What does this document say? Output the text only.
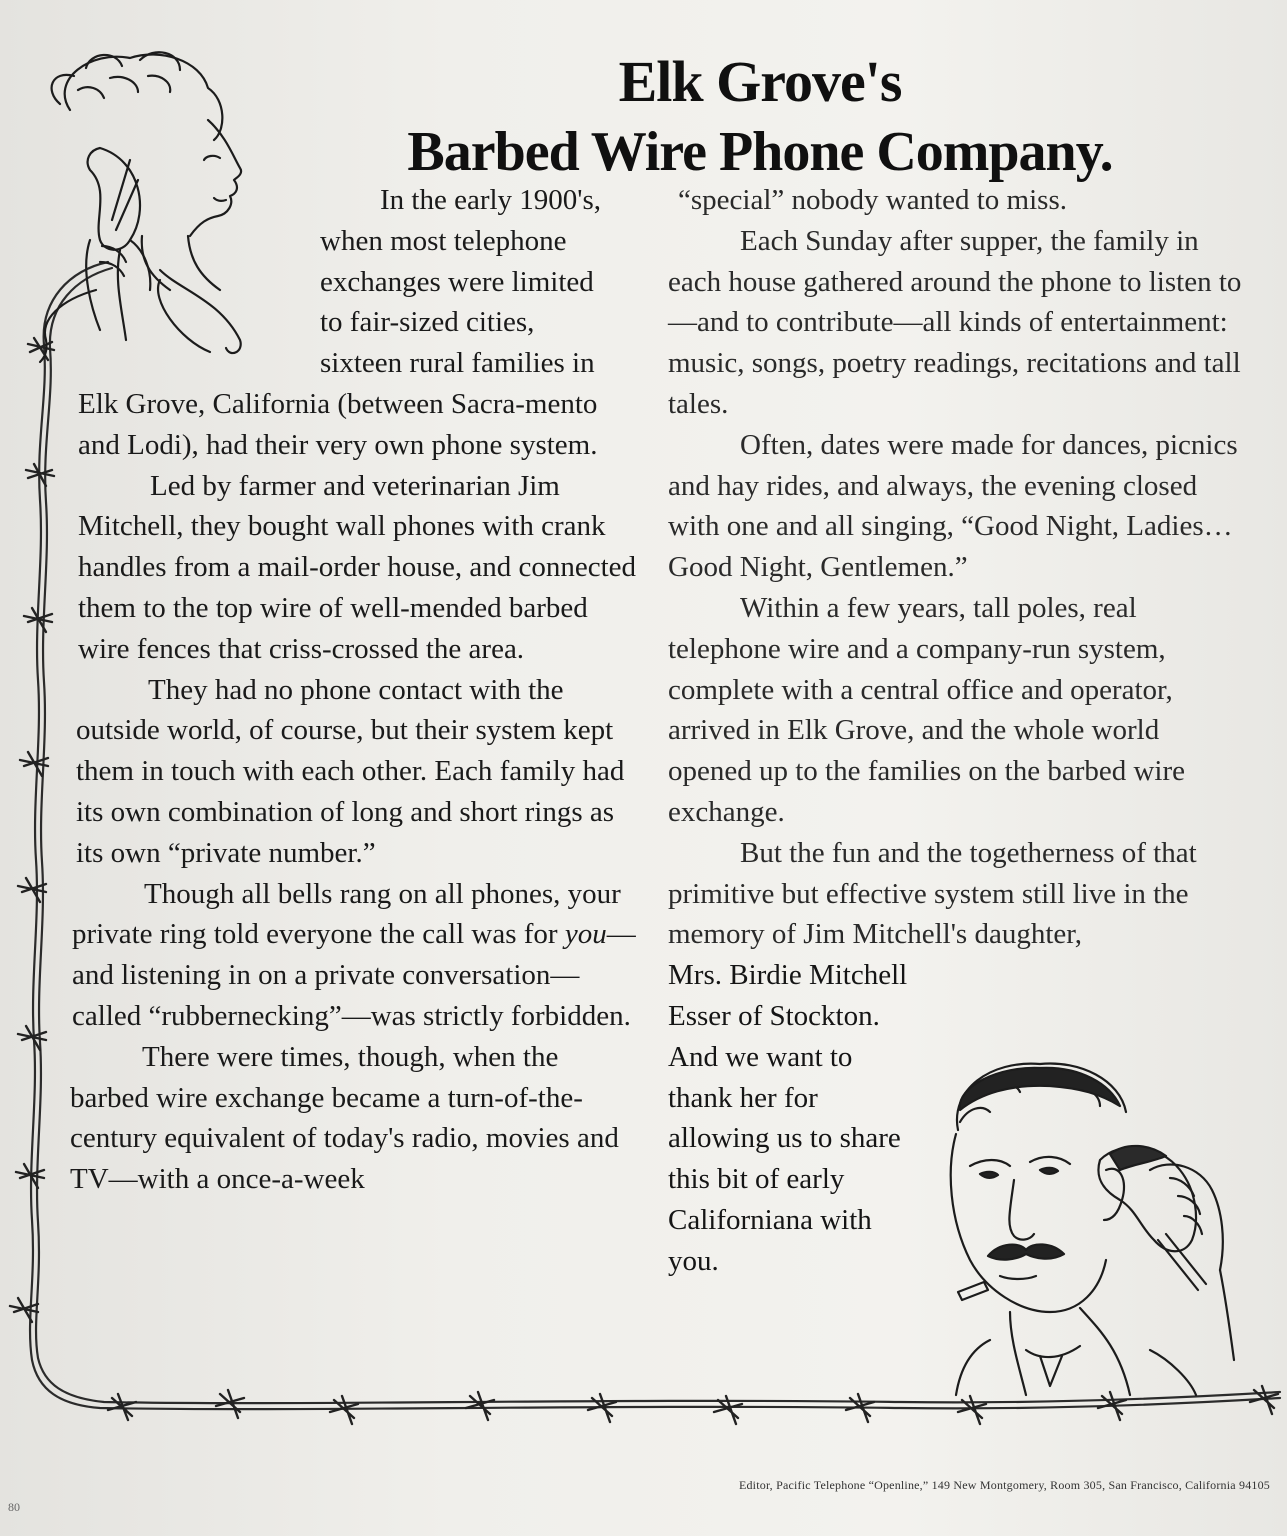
Elk Grove's
Barbed Wire Phone Company.

In the early 1900's,

when most telephone

exchanges were limited

to fair-sized cities,

sixteen rural families in

Elk Grove, California (between Sacra-mento and Lodi), had their very own phone system.

Led by farmer and veterinarian Jim Mitchell, they bought wall phones with crank handles from a mail-order house, and connected them to the top wire of well-mended barbed wire fences that criss-crossed the area.

They had no phone contact with the outside world, of course, but their system kept them in touch with each other. Each family had its own combination of long and short rings as its own “private number.”

Though all bells rang on all phones, your private ring told everyone the call was for you—and listening in on a private conversation—called “rubbernecking”—was strictly forbidden.

There were times, though, when the barbed wire exchange became a turn-of-the-century equivalent of today's radio, movies and TV—with a once-a-week

“special” nobody wanted to miss.

Each Sunday after supper, the family in each house gathered around the phone to listen to—and to contribute—all kinds of entertainment: music, songs, poetry readings, recitations and tall tales.

Often, dates were made for dances, picnics and hay rides, and always, the evening closed with one and all singing, “Good Night, Ladies…Good Night, Gentlemen.”

Within a few years, tall poles, real telephone wire and a company-run system, complete with a central office and operator, arrived in Elk Grove, and the whole world opened up to the families on the barbed wire exchange.

But the fun and the togetherness of that primitive but effective system still live in the memory of Jim Mitchell's daughter,

Mrs. Birdie Mitchell Esser of Stockton. And we want to thank her for allowing us to share this bit of early Californiana with you.

Editor, Pacific Telephone “Openline,” 149 New Montgomery, Room 305, San Francisco, California 94105
80
